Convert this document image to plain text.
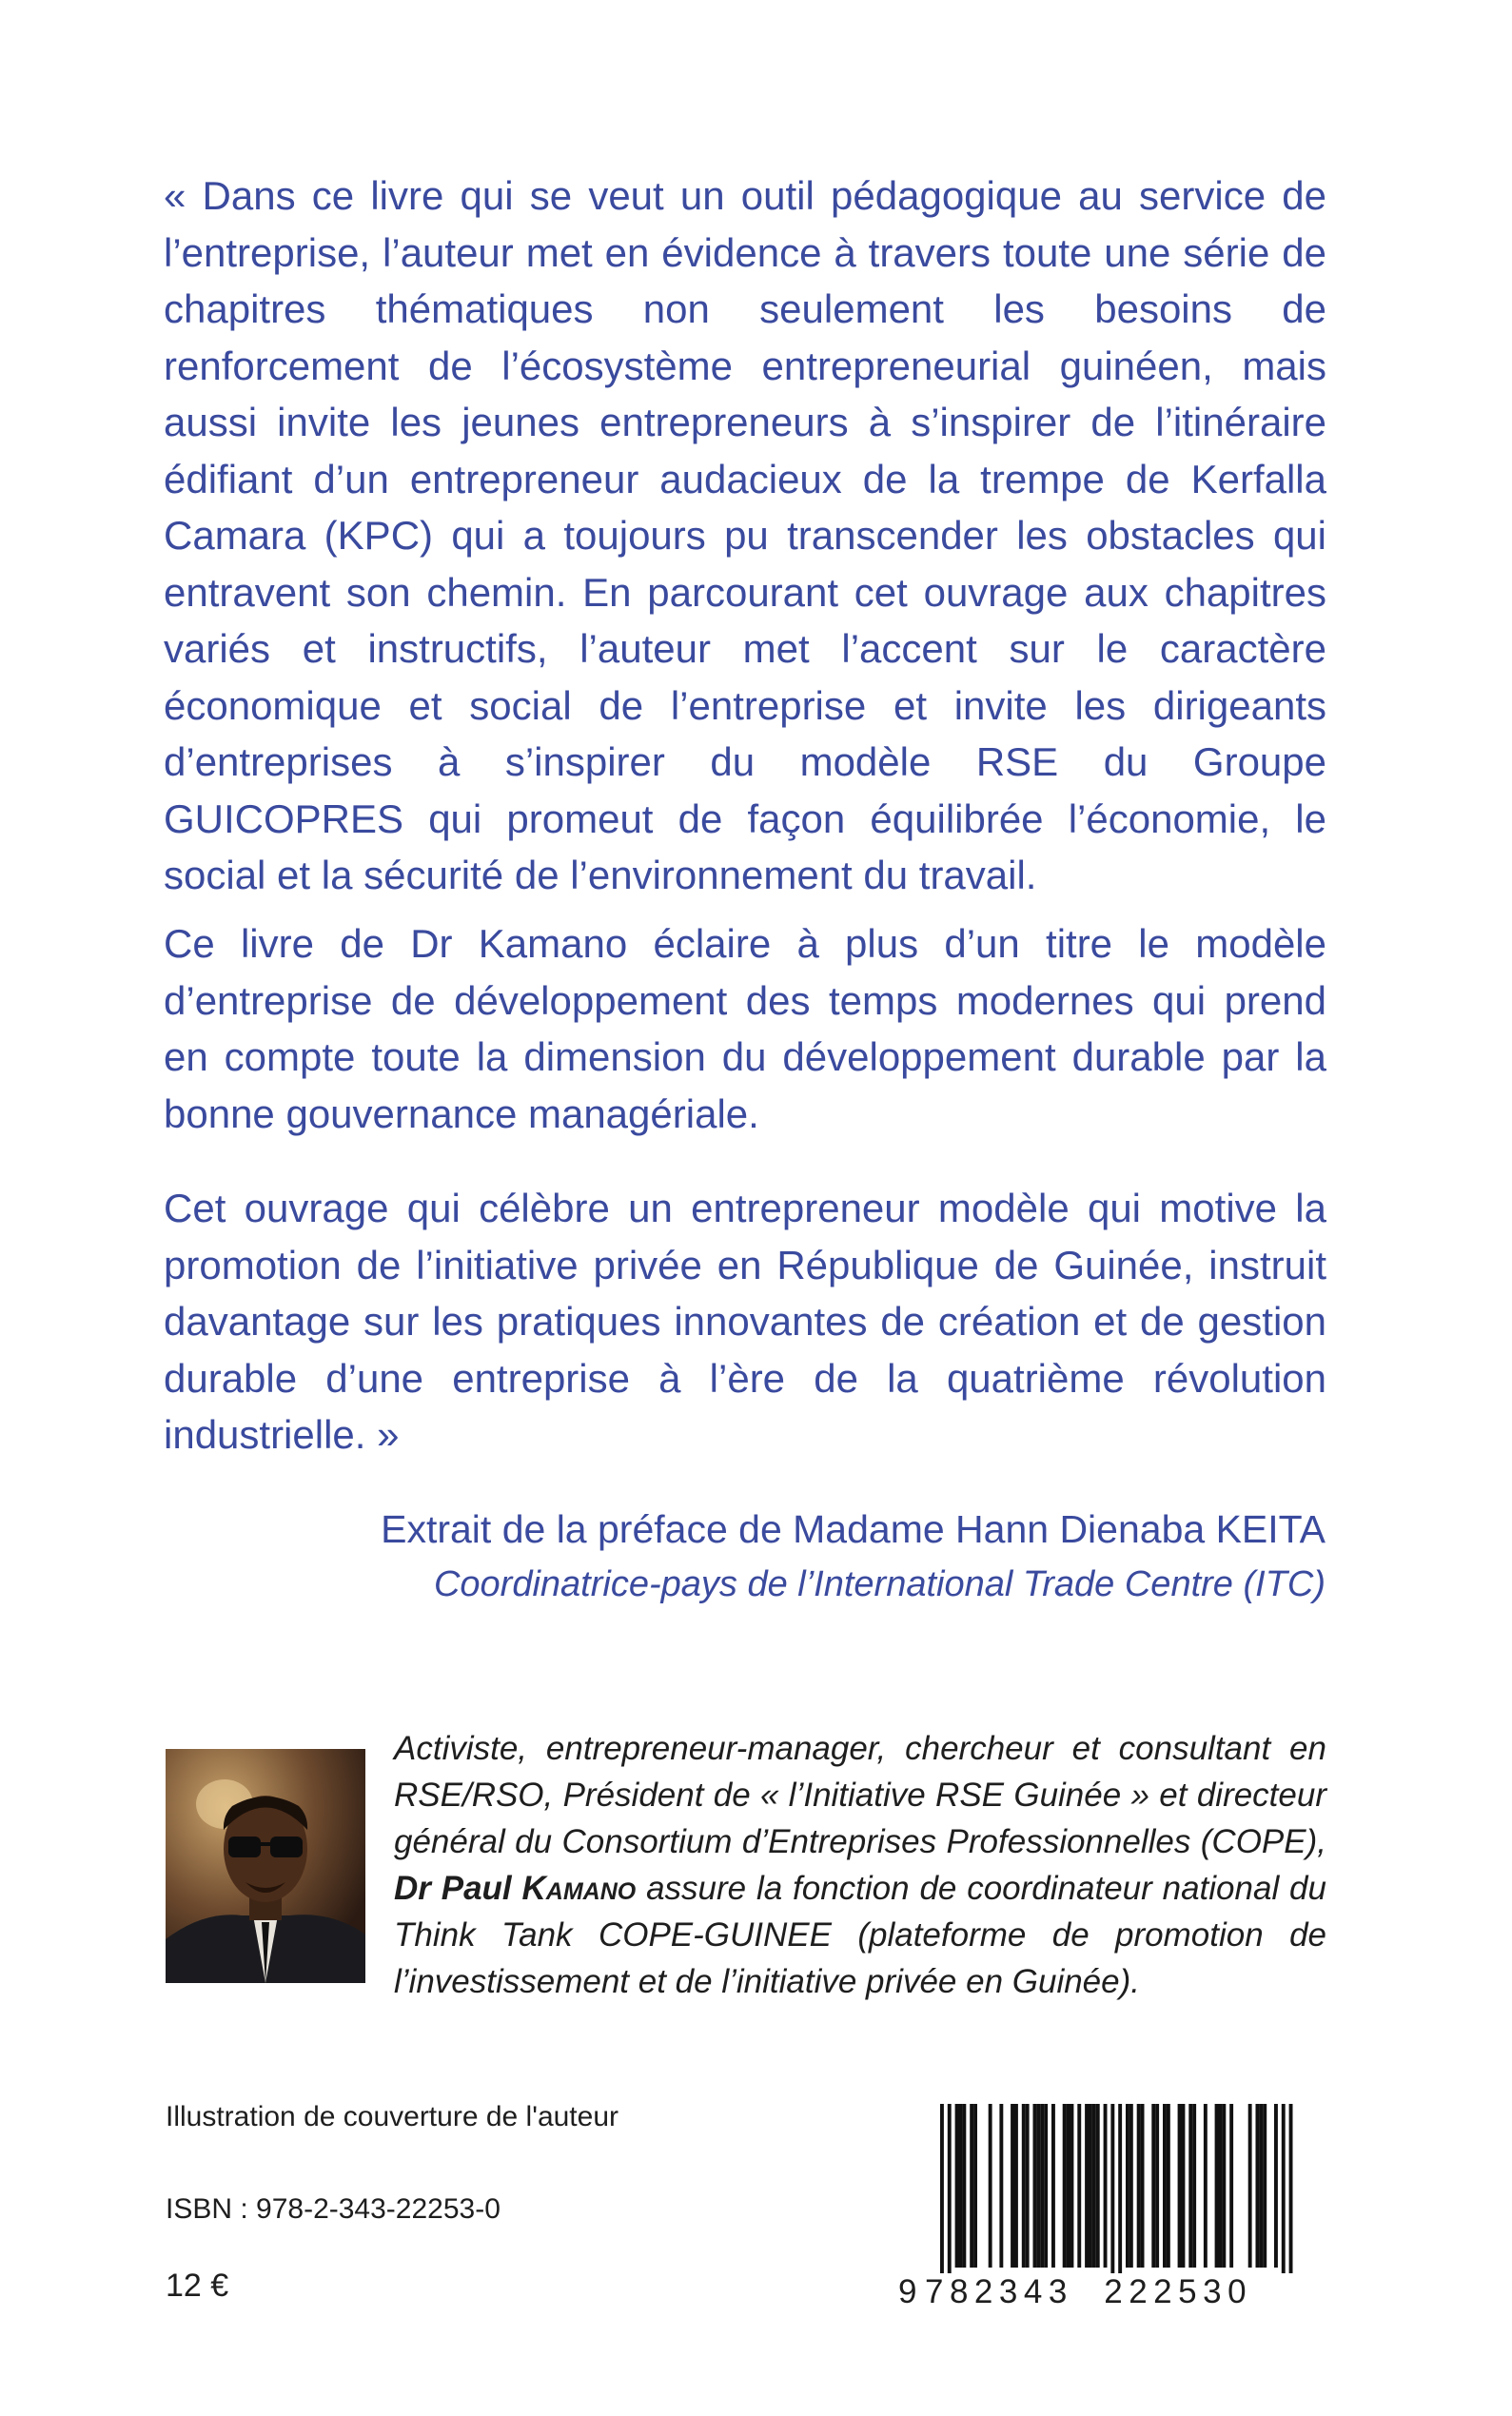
« Dans ce livre qui se veut un outil pédagogique au service de l’entreprise, l’auteur met en évidence à travers toute une série de chapitres thématiques non seulement les besoins de renforcement de l’écosystème entrepreneurial guinéen, mais aussi invite les jeunes entrepreneurs à s’inspirer de l’itinéraire édifiant d’un entrepreneur audacieux de la trempe de Kerfalla Camara (KPC) qui a toujours pu transcender les obstacles qui entravent son chemin. En parcourant cet ouvrage aux chapitres variés et instructifs, l’auteur met l’accent sur le caractère économique et social de l’entreprise et invite les dirigeants d’entreprises à s’inspirer du modèle RSE du Groupe GUICOPRES qui promeut de façon équilibrée l’économie, le social et la sécurité de l’environnement du travail.

Ce livre de Dr Kamano éclaire à plus d’un titre le modèle d’entreprise de développement des temps modernes qui prend en compte toute la dimension du développement durable par la bonne gouvernance managériale.

Cet ouvrage qui célèbre un entrepreneur modèle qui motive la promotion de l’initiative privée en République de Guinée, instruit davantage sur les pratiques innovantes de création et de gestion durable d’une entreprise à l’ère de la quatrième révolution industrielle. »

Extrait de la préface de Madame Hann Dienaba KEITA

Coordinatrice-pays de l’International Trade Centre (ITC)

Activiste, entrepreneur-manager, chercheur et consultant en RSE/RSO, Président de « l’Initiative RSE Guinée » et directeur général du Consortium d’Entreprises Professionnelles (COPE), Dr Paul Kamano assure la fonction de coordinateur national du Think Tank COPE-GUINEE (plateforme de promotion de l’investissement et de l’initiative privée en Guinée).

Illustration de couverture de l'auteur

ISBN : 978-2-343-22253-0

12 €	9782343 222530
